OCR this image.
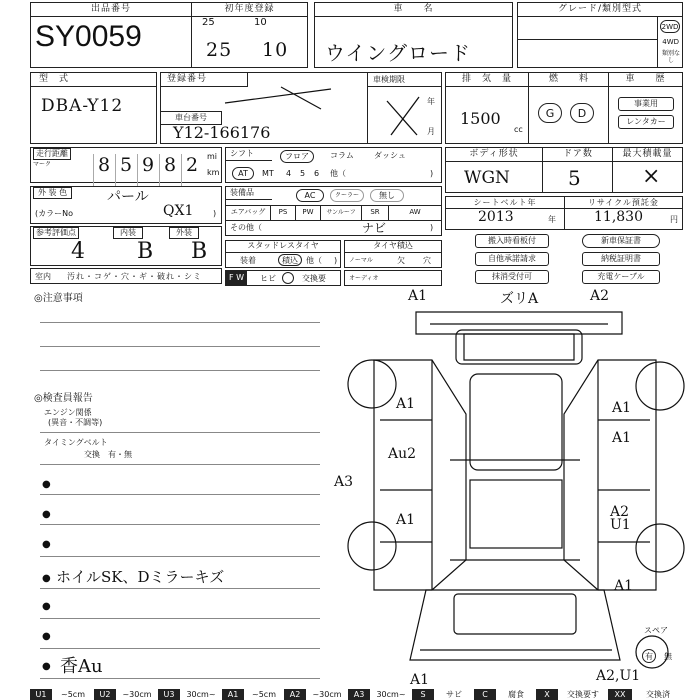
出品番号
SY0059
初年度登録
25	10
25 10
車　　名
ウイングロード
グレード/類別型式
2WD
4WD
類別なし
型　式
DBA-Y12
登録番号
車台番号
Y12-166176
車検期限
年
月
排　気　量	燃　　料	車　　歴
1500
cc
G	D
事業用
レンタカー
走行距離
マーク 8 5 9 8 2 mi
km
シフト	フロア	コラム	ダッシュ
AT	MT 4 5 6 他（	)
ボディ形状	ドア数	最大積載量
WGN	5	×
外 装 色	パール
(カラーNo	QX1 )
装備品	AC	クーラー	無し
エアバッグ	PS	PW	サンルーフ	SR	AW
その他（	ナビ	)
シートベルト年	リサイクル預託金
2013	年	11,830	円
参考評価点	内装	外装
4 B B	スタッドレスタイヤ
装着	積込	他（ )
タイヤ積込
ノーマル	欠 穴
室内 汚れ・コゲ・穴・ギ・破れ・シミ	F W	ヒビ	交換要	オーディオ
搬入時看板付	新車保証書
自他承諾請求	納税証明書
抹消受付可	充電ケーブル
◎注意事項
◎検査員報告
エンジン関係
(異音・不調等)
タイミングベルト
交換　有・無
●
●
●
● ホイルSK、Dミラーキズ
●
●
● 香Au
A1	ズリA	A2
A1
Au2
A3
A1
A1
A1
A2 U1
A1
A1	A2,U1
スペア
有	無
U1	~5cm	U2	~30cm	U3	30cm~	A1	~5cm	A2	~30cm	A3	30cm~	S	サビ	C	腐食	X	交換要す	XX	交換済
